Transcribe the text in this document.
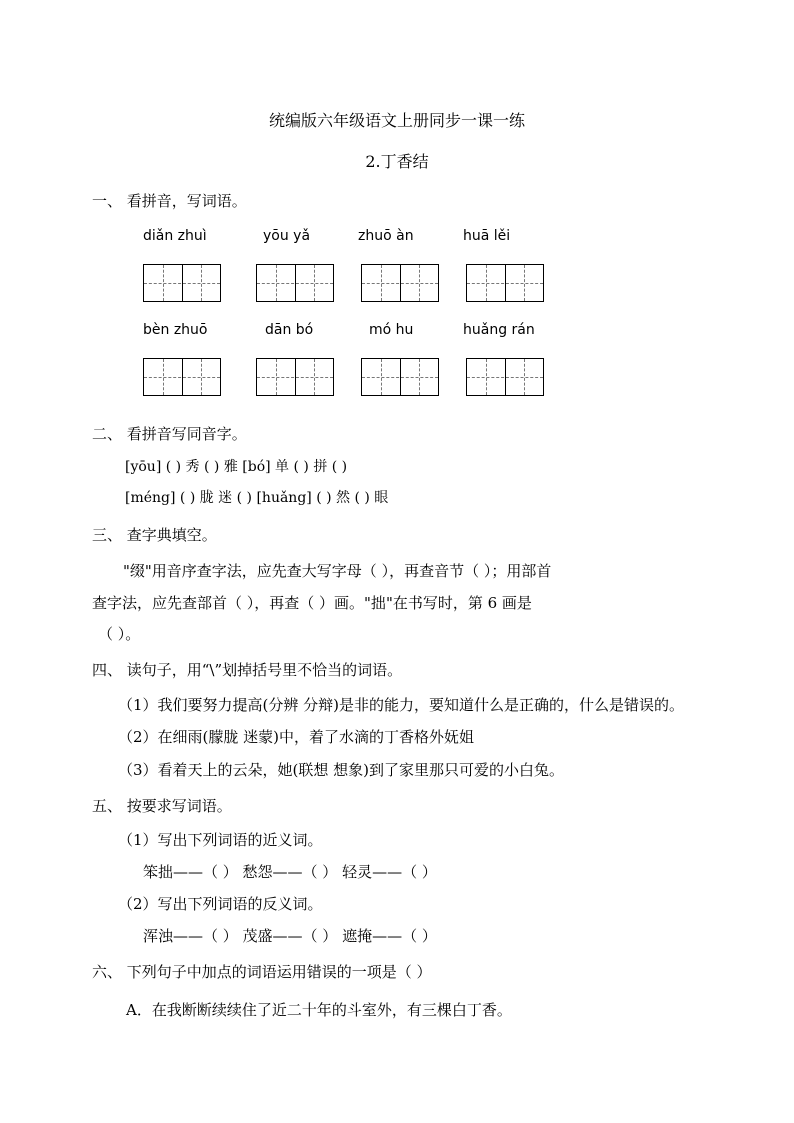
统编版六年级语文上册同步一课一练
2.丁香结
一、 看拼音，写词语。
diǎn zhuì	yōu yǎ	zhuō àn	huā lěi
bèn zhuō	dān bó	mó hu	huǎng rán
二、 看拼音写同音字。
[yōu] ( ) 秀 ( ) 雅 [bó] 单 ( ) 拼 ( )
[méng] ( ) 胧 迷 ( ) [huǎng] ( ) 然 ( ) 眼
三、 查字典填空。
"缀"用音序查字法，应先查大写字母（ ），再查音节（ ）；用部首
查字法，应先查部首（ ），再查（ ）画。"拙"在书写时，第 6 画是
（ ）。
四、 读句子，用“\”划掉括号里不恰当的词语。
（1）我们要努力提高(分辨 分辩)是非的能力，要知道什么是正确的，什么是错误的。
（2）在细雨(朦胧 迷蒙)中，着了水滴的丁香格外妩姐
（3）看着天上的云朵，她(联想 想象)到了家里那只可爱的小白兔。
五、 按要求写词语。
（1）写出下列词语的近义词。
笨拙——（ ） 愁怨——（ ） 轻灵——（ ）
（2）写出下列词语的反义词。
浑浊——（ ） 茂盛——（ ） 遮掩——（ ）
六、 下列句子中加点的词语运用错误的一项是（ ）
A．在我断断续续住了近二十年的斗室外，有三棵白丁香。
